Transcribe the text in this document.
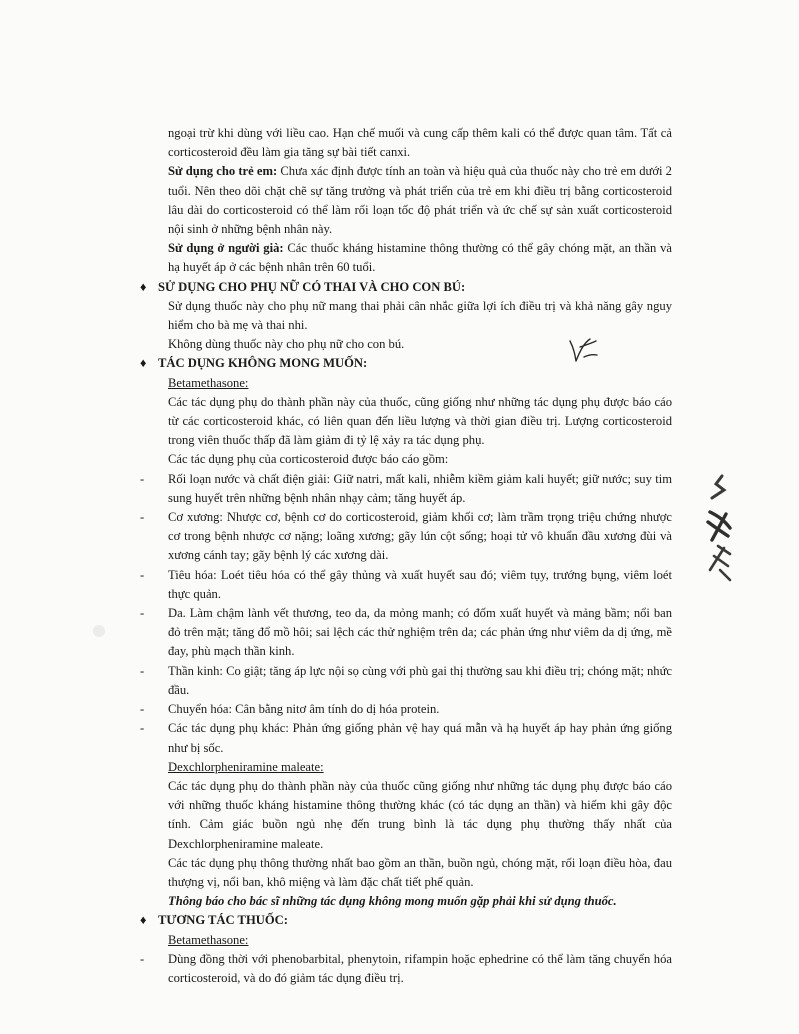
ngoại trừ khi dùng với liều cao. Hạn chế muối và cung cấp thêm kali có thể được quan tâm. Tất cả corticosteroid đều làm gia tăng sự bài tiết canxi.

Sử dụng cho trẻ em: Chưa xác định được tính an toàn và hiệu quả của thuốc này cho trẻ em dưới 2 tuổi. Nên theo dõi chặt chẽ sự tăng trưởng và phát triển của trẻ em khi điều trị bằng corticosteroid lâu dài do corticosteroid có thể làm rối loạn tốc độ phát triển và ức chế sự sản xuất corticosteroid nội sinh ở những bệnh nhân này.

Sử dụng ở người già: Các thuốc kháng histamine thông thường có thể gây chóng mặt, an thần và hạ huyết áp ở các bệnh nhân trên 60 tuổi.

♦ SỬ DỤNG CHO PHỤ NỮ CÓ THAI VÀ CHO CON BÚ:

Sử dụng thuốc này cho phụ nữ mang thai phải cân nhắc giữa lợi ích điều trị và khả năng gây nguy hiểm cho bà mẹ và thai nhi.

Không dùng thuốc này cho phụ nữ cho con bú.

♦ TÁC DỤNG KHÔNG MONG MUỐN:

Betamethasone:

Các tác dụng phụ do thành phần này của thuốc, cũng giống như những tác dụng phụ được báo cáo từ các corticosteroid khác, có liên quan đến liều lượng và thời gian điều trị. Lượng corticosteroid trong viên thuốc thấp đã làm giảm đi tỷ lệ xảy ra tác dụng phụ.

Các tác dụng phụ của corticosteroid được báo cáo gồm:

- Rối loạn nước và chất điện giải: Giữ natri, mất kali, nhiễm kiềm giảm kali huyết; giữ nước; suy tim sung huyết trên những bệnh nhân nhạy cảm; tăng huyết áp.

- Cơ xương: Nhược cơ, bệnh cơ do corticosteroid, giảm khối cơ; làm trầm trọng triệu chứng nhược cơ trong bệnh nhược cơ nặng; loãng xương; gãy lún cột sống; hoại tử vô khuẩn đầu xương đùi và xương cánh tay; gãy bệnh lý các xương dài.

- Tiêu hóa: Loét tiêu hóa có thể gây thủng và xuất huyết sau đó; viêm tụy, trướng bụng, viêm loét thực quản.

- Da. Làm chậm lành vết thương, teo da, da mỏng manh; có đốm xuất huyết và mảng bầm; nổi ban đỏ trên mặt; tăng đổ mồ hôi; sai lệch các thử nghiệm trên da; các phản ứng như viêm da dị ứng, mề đay, phù mạch thần kinh.

- Thần kinh: Co giật; tăng áp lực nội sọ cùng với phù gai thị thường sau khi điều trị; chóng mặt; nhức đầu.

- Chuyển hóa: Cân bằng nitơ âm tính do dị hóa protein.

- Các tác dụng phụ khác: Phản ứng giống phản vệ hay quá mẫn và hạ huyết áp hay phản ứng giống như bị sốc.

Dexchlorpheniramine maleate:

Các tác dụng phụ do thành phần này của thuốc cũng giống như những tác dụng phụ được báo cáo với những thuốc kháng histamine thông thường khác (có tác dụng an thần) và hiếm khi gây độc tính. Cảm giác buồn ngủ nhẹ đến trung bình là tác dụng phụ thường thấy nhất của Dexchlorpheniramine maleate.

Các tác dụng phụ thông thường nhất bao gồm an thần, buồn ngủ, chóng mặt, rối loạn điều hòa, đau thượng vị, nổi ban, khô miệng và làm đặc chất tiết phế quản.

Thông báo cho bác sĩ những tác dụng không mong muốn gặp phải khi sử dụng thuốc.

♦ TƯƠNG TÁC THUỐC:

Betamethasone:

- Dùng đồng thời với phenobarbital, phenytoin, rifampin hoặc ephedrine có thể làm tăng chuyển hóa corticosteroid, và do đó giảm tác dụng điều trị.
